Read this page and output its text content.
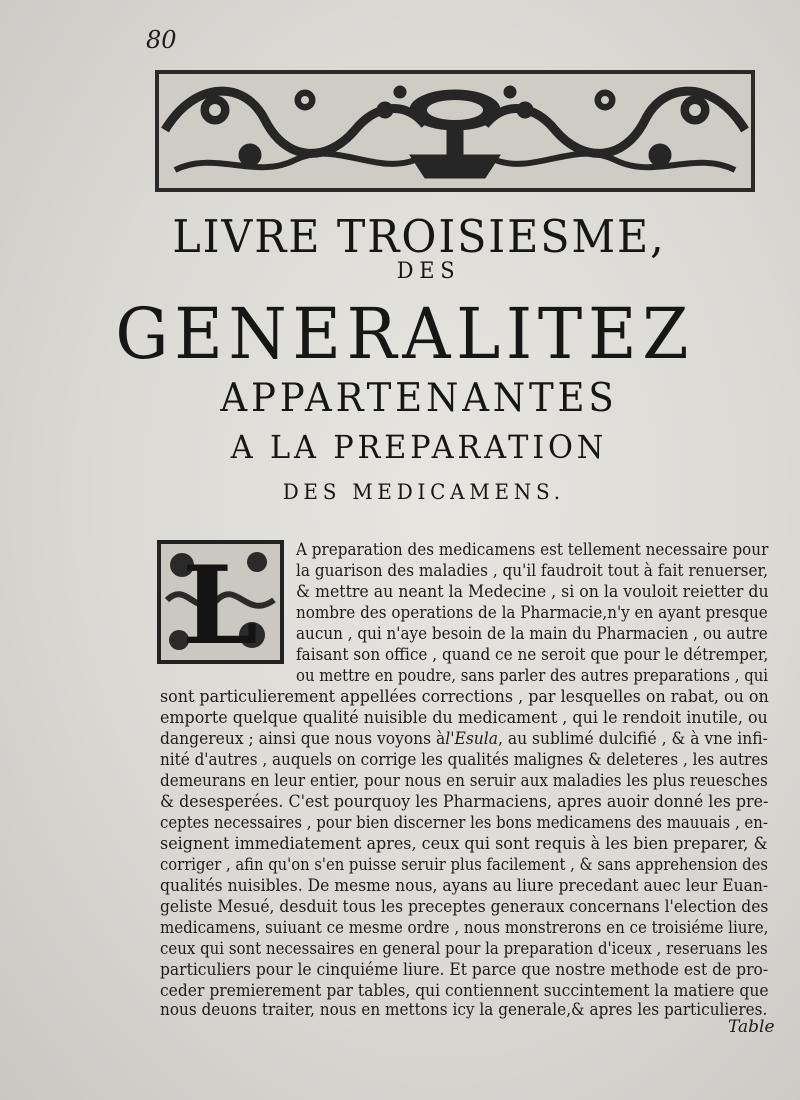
80
LIVRE TROISIESME,
DES
GENERALITEZ
APPARTENANTES
A LA PREPARATION
DES MEDICAMENS.
L A preparation des medicamens est tellement necessaire pour
la guarison des maladies , qu'il faudroit tout à fait renuerser,
& mettre au neant la Medecine , si on la vouloit reietter du
nombre des operations de la Pharmacie,n'y en ayant presque
aucun , qui n'aye besoin de la main du Pharmacien , ou autre
faisant son office , quand ce ne seroit que pour le détremper,
ou mettre en poudre, sans parler des autres preparations , qui
sont particulierement appellées corrections , par lesquelles on rabat, ou on
emporte quelque qualité nuisible du medicament , qui le rendoit inutile, ou
dangereux ; ainsi que nous voyons àl'Esula, au sublimé dulcifié , & à vne infi-
nité d'autres , auquels on corrige les qualités malignes & deleteres , les autres
demeurans en leur entier, pour nous en seruir aux maladies les plus reuesches
& desesperées. C'est pourquoy les Pharmaciens, apres auoir donné les pre-
ceptes necessaires , pour bien discerner les bons medicamens des mauuais , en-
seignent immediatement apres, ceux qui sont requis à les bien preparer, &
corriger , afin qu'on s'en puisse seruir plus facilement , & sans apprehension des
qualités nuisibles. De mesme nous, ayans au liure precedant auec leur Euan-
geliste Mesué, desduit tous les preceptes generaux concernans l'election des
medicamens, suiuant ce mesme ordre , nous monstrerons en ce troisiéme liure,
ceux qui sont necessaires en general pour la preparation d'iceux , reseruans les
particuliers pour le cinquiéme liure. Et parce que nostre methode est de pro-
ceder premierement par tables, qui contiennent succintement la matiere que
nous deuons traiter, nous en mettons icy la generale,& apres les particulieres.
Table
